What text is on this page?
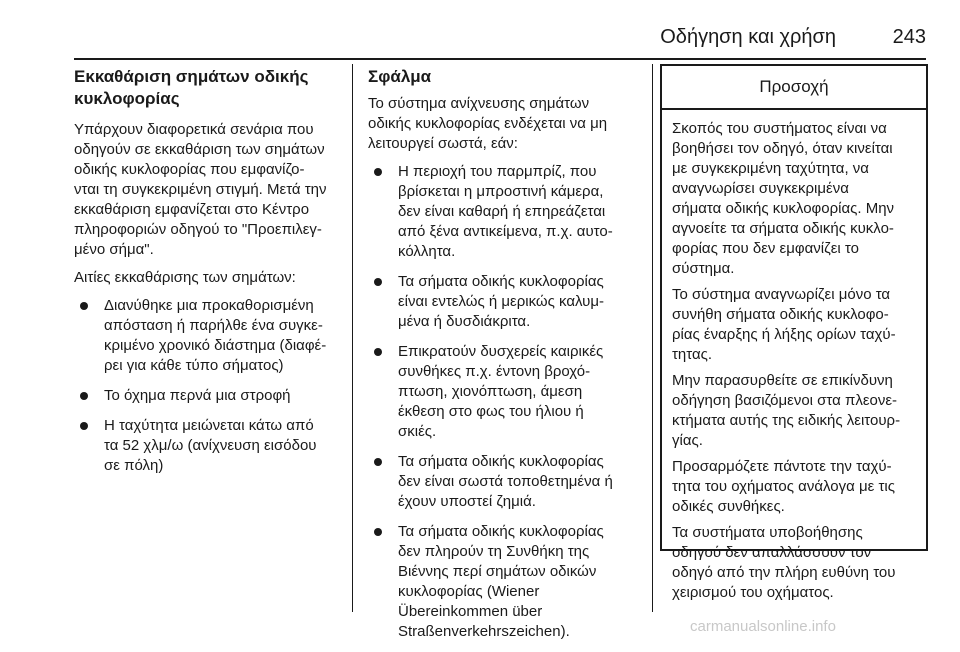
Οδήγηση και χρήση	243
Εκκαθάριση σημάτων οδικής
κυκλοφορίας

Υπάρχουν διαφορετικά σενάρια που
οδηγούν σε εκκαθάριση των σημάτων
οδικής κυκλοφορίας που εμφανίζο‐
νται τη συγκεκριμένη στιγμή. Μετά την
εκκαθάριση εμφανίζεται στο Κέντρο
πληροφοριών οδηγού το "Προεπιλεγ‐
μένο σήμα".

Αιτίες εκκαθάρισης των σημάτων:

Διανύθηκε μια προκαθορισμένη
απόσταση ή παρήλθε ένα συγκε‐
κριμένο χρονικό διάστημα (διαφέ‐
ρει για κάθε τύπο σήματος)
Το όχημα περνά μια στροφή
Η ταχύτητα μειώνεται κάτω από
τα 52 χλμ/ω (ανίχνευση εισόδου
σε πόλη)
Σφάλμα

Το σύστημα ανίχνευσης σημάτων
οδικής κυκλοφορίας ενδέχεται να μη
λειτουργεί σωστά, εάν:

Η περιοχή του παρμπρίζ, που
βρίσκεται η μπροστινή κάμερα,
δεν είναι καθαρή ή επηρεάζεται
από ξένα αντικείμενα, π.χ. αυτο‐
κόλλητα.
Τα σήματα οδικής κυκλοφορίας
είναι εντελώς ή μερικώς καλυμ‐
μένα ή δυσδιάκριτα.
Επικρατούν δυσχερείς καιρικές
συνθήκες π.χ. έντονη βροχό‐
πτωση, χιονόπτωση, άμεση
έκθεση στο φως του ήλιου ή
σκιές.
Τα σήματα οδικής κυκλοφορίας
δεν είναι σωστά τοποθετημένα ή
έχουν υποστεί ζημιά.
Τα σήματα οδικής κυκλοφορίας
δεν πληρούν τη Συνθήκη της
Βιέννης περί σημάτων οδικών
κυκλοφορίας (Wiener
Übereinkommen über
Straßenverkehrszeichen).
Προσοχή

Σκοπός του συστήματος είναι να
βοηθήσει τον οδηγό, όταν κινείται
με συγκεκριμένη ταχύτητα, να
αναγνωρίσει συγκεκριμένα
σήματα οδικής κυκλοφορίας. Μην
αγνοείτε τα σήματα οδικής κυκλο‐
φορίας που δεν εμφανίζει το
σύστημα.

Το σύστημα αναγνωρίζει μόνο τα
συνήθη σήματα οδικής κυκλοφο‐
ρίας έναρξης ή λήξης ορίων ταχύ‐
τητας.

Μην παρασυρθείτε σε επικίνδυνη
οδήγηση βασιζόμενοι στα πλεονε‐
κτήματα αυτής της ειδικής λειτουρ‐
γίας.

Προσαρμόζετε πάντοτε την ταχύ‐
τητα του οχήματος ανάλογα με τις
οδικές συνθήκες.

Τα συστήματα υποβοήθησης
οδηγού δεν απαλλάσσουν τον
οδηγό από την πλήρη ευθύνη του
χειρισμού του οχήματος.

carmanualsonline.info
